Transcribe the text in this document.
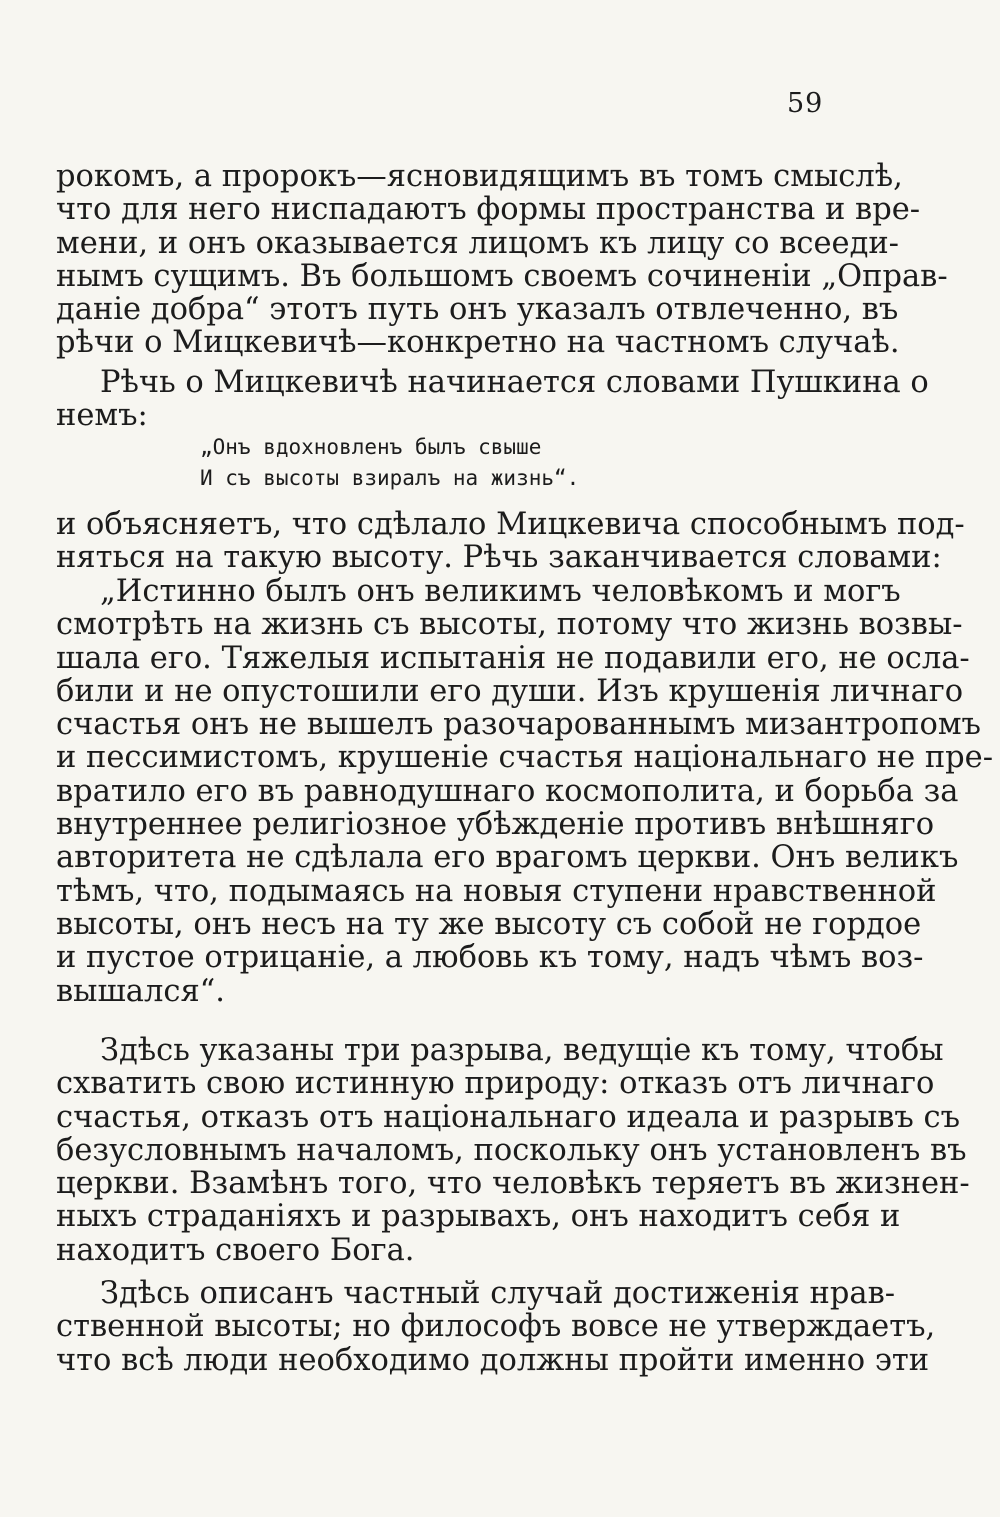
59
рокомъ, а пророкъ—ясновидящимъ въ томъ смыслѣ,
что для него ниспадаютъ формы пространства и вре-
мени, и онъ оказывается лицомъ къ лицу со всееди-
нымъ сущимъ. Въ большомъ своемъ сочиненіи „Оправ-
даніе добра“ этотъ путь онъ указалъ отвлеченно, въ
рѣчи о Мицкевичѣ—конкретно на частномъ случаѣ.
Рѣчь о Мицкевичѣ начинается словами Пушкина о
немъ:
„Онъ вдохновленъ былъ свыше
И съ высоты взиралъ на жизнь“.
и объясняетъ, что сдѣлало Мицкевича способнымъ под-
няться на такую высоту. Рѣчь заканчивается словами:
„Истинно былъ онъ великимъ человѣкомъ и могъ
смотрѣть на жизнь съ высоты, потому что жизнь возвы-
шала его. Тяжелыя испытанія не подавили его, не осла-
били и не опустошили его души. Изъ крушенія личнаго
счастья онъ не вышелъ разочарованнымъ мизантропомъ
и пессимистомъ, крушеніе счастья національнаго не пре-
вратило его въ равнодушнаго космополита, и борьба за
внутреннее религіозное убѣжденіе противъ внѣшняго
авторитета не сдѣлала его врагомъ церкви. Онъ великъ
тѣмъ, что, подымаясь на новыя ступени нравственной
высоты, онъ несъ на ту же высоту съ собой не гордое
и пустое отрицаніе, а любовь къ тому, надъ чѣмъ воз-
вышался“.
Здѣсь указаны три разрыва, ведущіе къ тому, чтобы
схватить свою истинную природу: отказъ отъ личнаго
счастья, отказъ отъ національнаго идеала и разрывъ съ
безусловнымъ началомъ, поскольку онъ установленъ въ
церкви. Взамѣнъ того, что человѣкъ теряетъ въ жизнен-
ныхъ страданіяхъ и разрывахъ, онъ находитъ себя и
находитъ своего Бога.
Здѣсь описанъ частный случай достиженія нрав-
ственной высоты; но философъ вовсе не утверждаетъ,
что всѣ люди необходимо должны пройти именно эти
